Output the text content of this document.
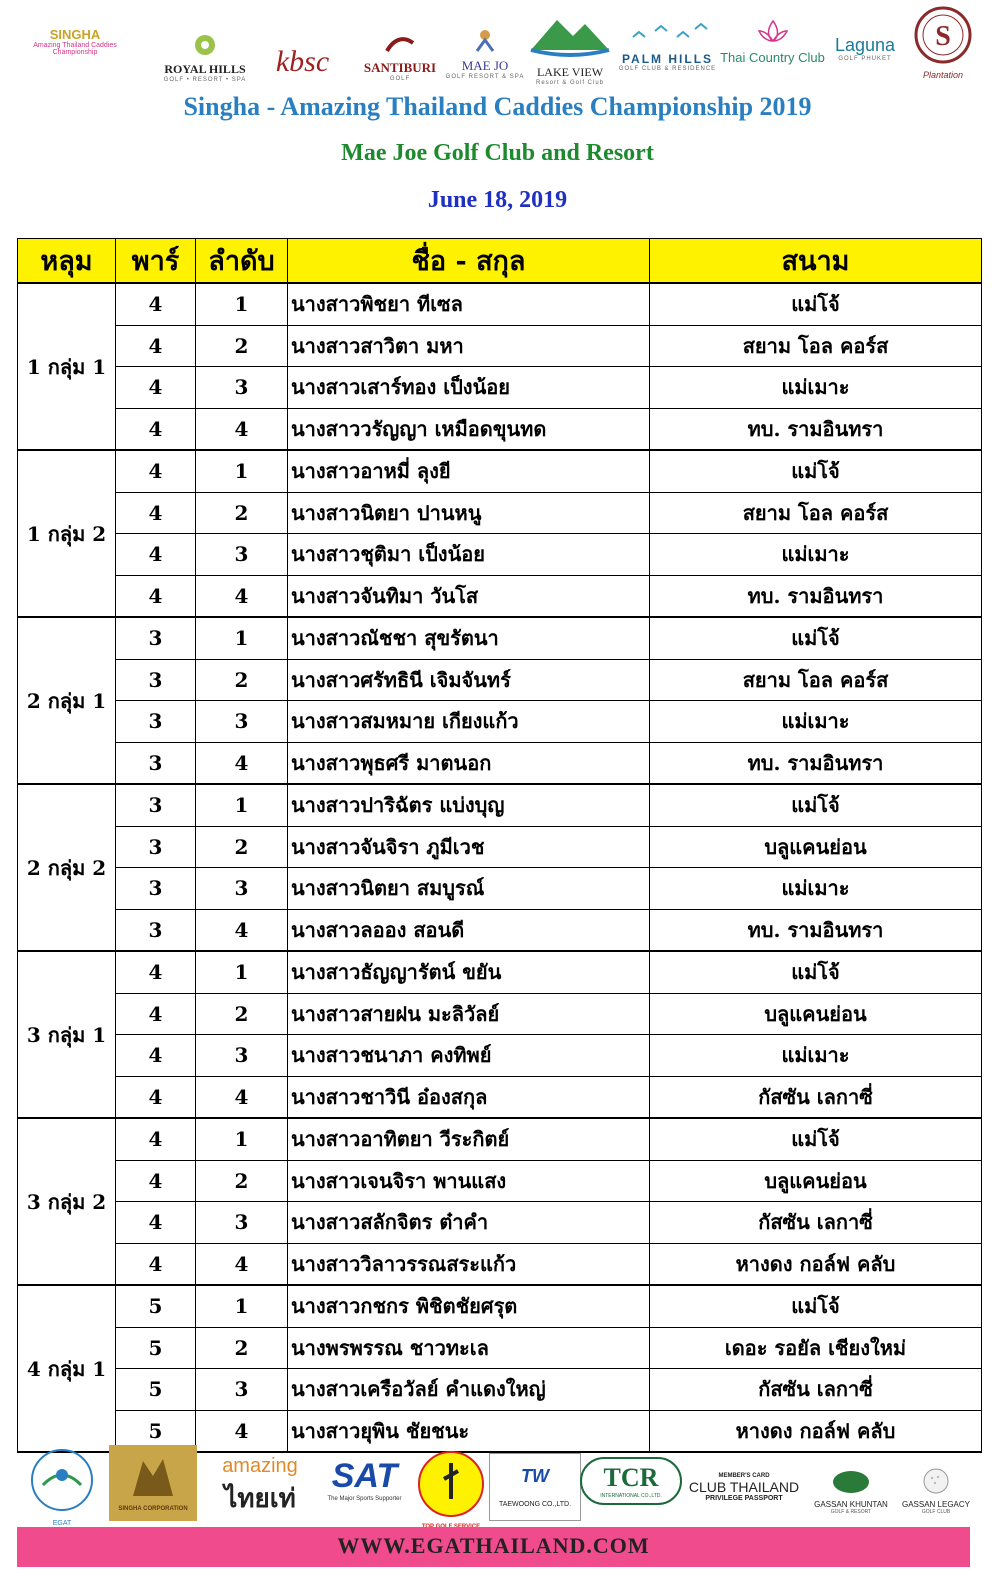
SINGHA
Amazing Thailand Caddies Championship
ROYAL HILLS
GOLF • RESORT • SPA
kbsc	SANTIBURI
GOLF
MAE JO
GOLF RESORT & SPA	LAKE VIEW
Resort & Golf Club
PALM HILLS
GOLF CLUB & RESIDENCE
Thai Country Club
Laguna
GOLF PHUKET
S
Plantation
Singha - Amazing Thailand Caddies Championship 2019
Mae Joe Golf Club and Resort
June 18, 2019
หลุม	พาร์	ลำดับ	ชื่อ - สกุล	สนาม
1 กลุ่ม 1	4	1	นางสาวพิชยา ทีเซล	แม่โจ้
	4	2	นางสาวสาวิตา มหา	สยาม โอล คอร์ส
	4	3	นางสาวเสาร์ทอง เป็งน้อย	แม่เมาะ
	4	4	นางสาววรัญญา เหมือดขุนทด	ทบ. รามอินทรา
1 กลุ่ม 2	4	1	นางสาวอาหมี่ ลุงยี	แม่โจ้
	4	2	นางสาวนิตยา ปานหนู	สยาม โอล คอร์ส
	4	3	นางสาวชุติมา เป็งน้อย	แม่เมาะ
	4	4	นางสาวจันทิมา วันโส	ทบ. รามอินทรา
2 กลุ่ม 1	3	1	นางสาวณัชชา สุขรัตนา	แม่โจ้
	3	2	นางสาวศรัทธินี เจิมจันทร์	สยาม โอล คอร์ส
	3	3	นางสาวสมหมาย เกียงแก้ว	แม่เมาะ
	3	4	นางสาวพุธศรี มาตนอก	ทบ. รามอินทรา
2 กลุ่ม 2	3	1	นางสาวปาริฉัตร แบ่งบุญ	แม่โจ้
	3	2	นางสาวจันจิรา ภูมีเวช	บลูแคนย่อน
	3	3	นางสาวนิตยา สมบูรณ์	แม่เมาะ
	3	4	นางสาวลออง สอนดี	ทบ. รามอินทรา
3 กลุ่ม 1	4	1	นางสาวธัญญารัตน์ ขยัน	แม่โจ้
	4	2	นางสาวสายฝน มะลิวัลย์	บลูแคนย่อน
	4	3	นางสาวชนาภา คงทิพย์	แม่เมาะ
	4	4	นางสาวชาวินี อ๋องสกุล	กัสซัน เลกาซี่
3 กลุ่ม 2	4	1	นางสาวอาทิตยา วีระกิตย์	แม่โจ้
	4	2	นางสาวเจนจิรา พานแสง	บลูแคนย่อน
	4	3	นางสาวสลักจิตร ต๋าคำ	กัสซัน เลกาซี่
	4	4	นางสาววิลาวรรณสระแก้ว	หางดง กอล์ฟ คลับ
4 กลุ่ม 1	5	1	นางสาวกชกร พิชิตชัยศรุต	แม่โจ้
	5	2	นางพรพรรณ ชาวทะเล	เดอะ รอยัล เชียงใหม่
	5	3	นางสาวเครือวัลย์ คำแดงใหญ่	กัสซัน เลกาซี่
	5	4	นางสาวยุพิน ชัยชนะ	หางดง กอล์ฟ คลับ
EGAT
SINGHA CORPORATION
amazing
ไทยเท่
SAT
The Major Sports Supporter
TW
TAEWOONG CO.,LTD.
TCR
INTERNATIONAL CO.,LTD.
MEMBER'S CARD
CLUB THAILAND
PRIVILEGE PASSPORT
GASSAN KHUNTAN
GOLF & RESORT
GASSAN LEGACY
GOLF CLUB
WWW.EGATHAILAND.COM
